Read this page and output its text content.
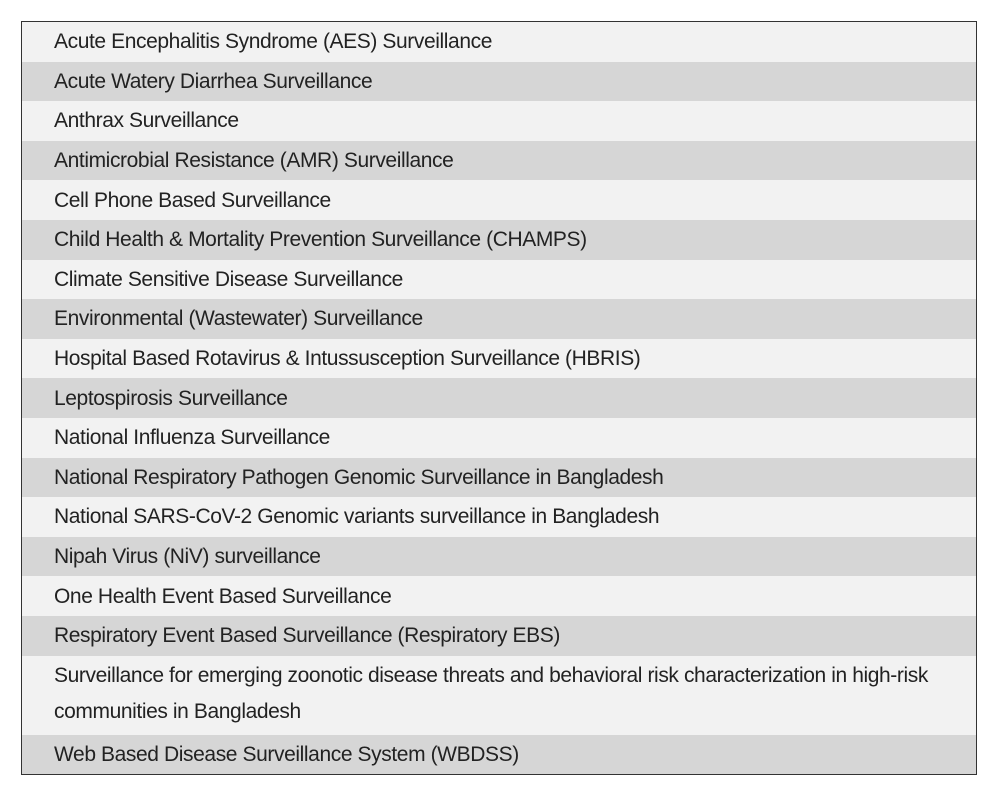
Acute Encephalitis Syndrome (AES) Surveillance
Acute Watery Diarrhea Surveillance
Anthrax Surveillance
Antimicrobial Resistance (AMR) Surveillance
Cell Phone Based Surveillance
Child Health & Mortality Prevention Surveillance (CHAMPS)
Climate Sensitive Disease Surveillance
Environmental (Wastewater) Surveillance
Hospital Based Rotavirus & Intussusception Surveillance (HBRIS)
Leptospirosis Surveillance
National Influenza Surveillance
National Respiratory Pathogen Genomic Surveillance in Bangladesh
National SARS-CoV-2 Genomic variants surveillance in Bangladesh
Nipah Virus (NiV) surveillance
One Health Event Based Surveillance
Respiratory Event Based Surveillance (Respiratory EBS)
Surveillance for emerging zoonotic disease threats and behavioral risk characterization in high-risk communities in Bangladesh
Web Based Disease Surveillance System (WBDSS)
